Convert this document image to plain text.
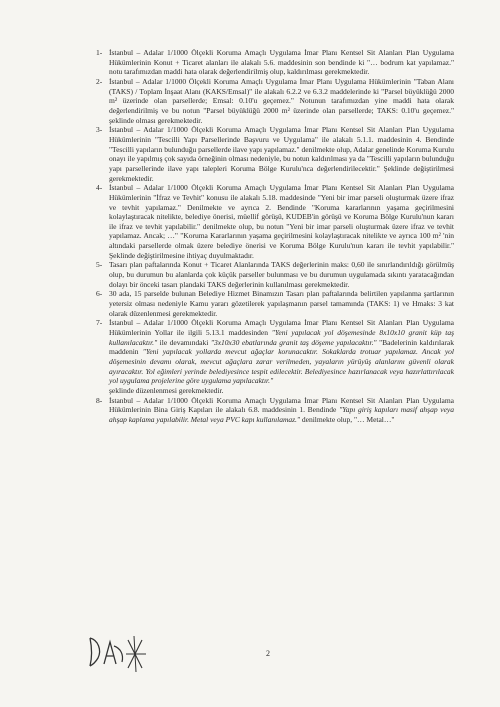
1- İstanbul – Adalar 1/1000 Ölçekli Koruma Amaçlı Uygulama İmar Planı Kentsel Sit Alanları Plan Uygulama Hükümlerinin Konut + Ticaret alanları ile alakalı 5.6. maddesinin son bendinde ki "… bodrum kat yapılamaz." notu tarafımızdan maddi hata olarak değerlendirilmiş olup, kaldırılması gerekmektedir.

2- İstanbul – Adalar 1/1000 Ölçekli Koruma Amaçlı Uygulama İmar Planı Uygulama Hükümlerinin "Taban Alanı (TAKS) / Toplam İnşaat Alanı (KAKS/Emsal)" ile alakalı 6.2.2 ve 6.3.2 maddelerinde ki "Parsel büyüklüğü 2000 m² üzerinde olan parsellerde; Emsal: 0.10'u geçemez." Notunun tarafımızdan yine maddi hata olarak değerlendirilmiş ve bu notun "Parsel büyüklüğü 2000 m² üzerinde olan parsellerde; TAKS: 0.10'u geçemez." şeklinde olması gerekmektedir.

3- İstanbul – Adalar 1/1000 Ölçekli Koruma Amaçlı Uygulama İmar Planı Kentsel Sit Alanları Plan Uygulama Hükümlerinin "Tescilli Yapı Parsellerinde Başvuru ve Uygulama" ile alakalı 5.1.1. maddesinin 4. Bendinde "Tescilli yapıların bulunduğu parsellerde ilave yapı yapılamaz." denilmekte olup, Adalar genelinde Koruma Kurulu onayı ile yapılmış çok sayıda örneğinin olması nedeniyle, bu notun kaldırılması ya da "Tescilli yapıların bulunduğu yapı parsellerinde ilave yapı talepleri Koruma Bölge Kurulu'nca değerlendirilecektir." Şeklinde değiştirilmesi gerekmektedir.

4- İstanbul – Adalar 1/1000 Ölçekli Koruma Amaçlı Uygulama İmar Planı Kentsel Sit Alanları Plan Uygulama Hükümlerinin "İfraz ve Tevhit" konusu ile alakalı 5.18. maddesinde "Yeni bir imar parseli oluşturmak üzere ifraz ve tevhit yapılamaz." Denilmekte ve ayrıca 2. Bendinde "Koruma kararlarının yaşama geçirilmesini kolaylaştıracak nitelikte, belediye önerisi, müellif görüşü, KUDEB'in görüşü ve Koruma Bölge Kurulu'nun kararı ile ifraz ve tevhit yapılabilir." denilmekte olup, bu notun "Yeni bir imar parseli oluşturmak üzere ifraz ve tevhit yapılamaz. Ancak; …" "Koruma Kararlarının yaşama geçirilmesini kolaylaştıracak nitelikte ve ayrıca 100 m² 'nin altındaki parsellerde olmak üzere belediye önerisi ve Koruma Bölge Kurulu'nun kararı ile tevhit yapılabilir." Şeklinde değiştirilmesine ihtiyaç duyulmaktadır.

5- Tasarı plan paftalarında Konut + Ticaret Alanlarında TAKS değerlerinin maks: 0,60 ile sınırlandırıldığı görülmüş olup, bu durumun bu alanlarda çok küçük parseller bulunması ve bu durumun uygulamada sıkıntı yaratacağından dolayı bir önceki tasarı plandaki TAKS değerlerinin kullanılması gerekmektedir.

6- 30 ada, 15 parselde bulunan Belediye Hizmet Binamızın Tasarı plan paftalarında belirtilen yapılanma şartlarının yetersiz olması nedeniyle Kamu yararı gözetilerek yapılaşmanın parsel tamamında (TAKS: 1) ve Hmaks: 3 kat olarak düzenlenmesi gerekmektedir.

7- İstanbul – Adalar 1/1000 Ölçekli Koruma Amaçlı Uygulama İmar Planı Kentsel Sit Alanları Plan Uygulama Hükümlerinin Yollar ile ilgili 5.13.1 maddesinden "Yeni yapılacak yol döşemesinde 8x10x10 granit küp taş kullanılacaktır." ile devamındaki "3x10x30 ebatlarında granit taş döşeme yapılacaktır." "Badelerinin kaldırılarak maddenin "Yeni yapılacak yollarda mevcut ağaçlar korunacaktır. Sokaklarda trotuar yapılamaz. Ancak yol döşemesinin devamı olarak, mevcut ağaçlara zarar verilmeden, yayaların yürüyüş alanlarını güvenli olarak ayıracaktır. Yol eğimleri yerinde belediyesince tespit edilecektir. Belediyesince hazırlanacak veya hazırlattırılacak yol uygulama projelerine göre uygulama yapılacaktır."

şeklinde düzenlenmesi gerekmektedir.

8- İstanbul – Adalar 1/1000 Ölçekli Koruma Amaçlı Uygulama İmar Planı Kentsel Sit Alanları Plan Uygulama Hükümlerinin Bina Giriş Kapıları ile alakalı 6.8. maddesinin 1. Bendinde "Yapı giriş kapıları masif ahşap veya ahşap kaplama yapılabilir. Metal veya PVC kapı kullanılamaz." denilmekte olup, "… Metal…"

2
